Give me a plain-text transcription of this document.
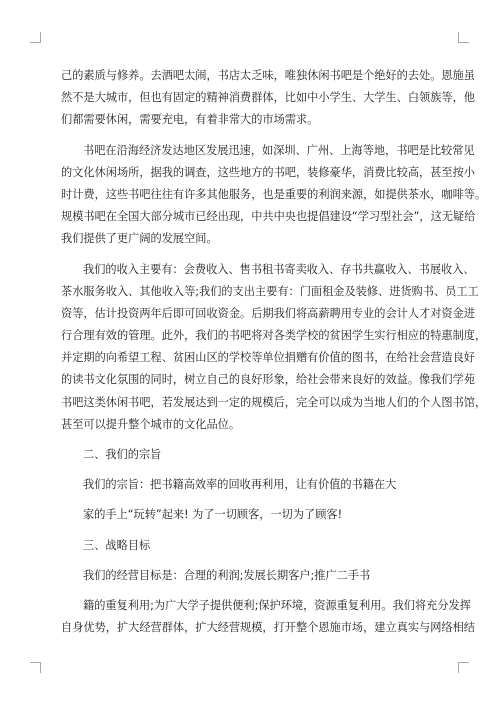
己的素质与修养。去酒吧太闹，书店太乏味，唯独休闲书吧是个绝好的去处。恩施虽
然不是大城市，但也有固定的精神消费群体，比如中小学生、大学生、白领族等，他
们都需要休闲，需要充电，有着非常大的市场需求。
书吧在沿海经济发达地区发展迅速，如深圳、广州、上海等地，书吧是比较常见
的文化休闲场所，据我的调查，这些地方的书吧，装修豪华，消费比较高，甚至按小
时计费，这些书吧往往有许多其他服务，也是重要的利润来源，如提供茶水，咖啡等。
规模书吧在全国大部分城市已经出现，中共中央也提倡建设“学习型社会”，这无疑给
我们提供了更广阔的发展空间。
我们的收入主要有：会费收入、售书租书寄卖收入、存书共赢收入、书展收入、
茶水服务收入、其他收入等;我们的支出主要有：门面租金及装修、进货购书、员工工
资等，估计投资两年后即可回收资金。后期我们将高薪聘用专业的会计人才对资金进
行合理有效的管理。此外，我们的书吧将对各类学校的贫困学生实行相应的特惠制度，
并定期的向希望工程、贫困山区的学校等单位捐赠有价值的图书，在给社会营造良好
的读书文化氛围的同时，树立自己的良好形象，给社会带来良好的效益。像我们学苑
书吧这类休闲书吧，若发展达到一定的规模后，完全可以成为当地人们的个人图书馆，
甚至可以提升整个城市的文化品位。
二、我们的宗旨
我们的宗旨：把书籍高效率的回收再利用，让有价值的书籍在大
家的手上“玩转”起来! 为了一切顾客，一切为了顾客!
三、战略目标
我们的经营目标是：合理的利润;发展长期客户;推广二手书
籍的重复利用;为广大学子提供便利;保护环境，资源重复利用。我们将充分发挥
自身优势，扩大经营群体，扩大经营规模，打开整个恩施市场，建立真实与网络相结
